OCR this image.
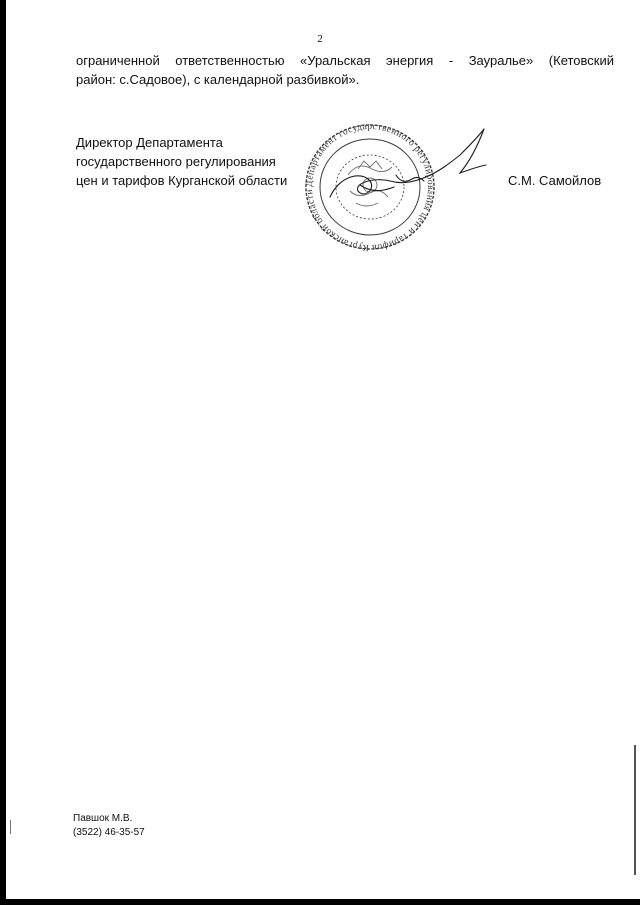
2
ограниченной ответственностью «Уральская энергия - Зауралье» (Кетовский
район: с.Садовое), с календарной разбивкой».
Директор Департамента
государственного регулирования
цен и тарифов Курганской области Департамент государственного регулирования цен и тарифов Курганской области
С.М. Самойлов
Павшок М.В.
(3522) 46-35-57
